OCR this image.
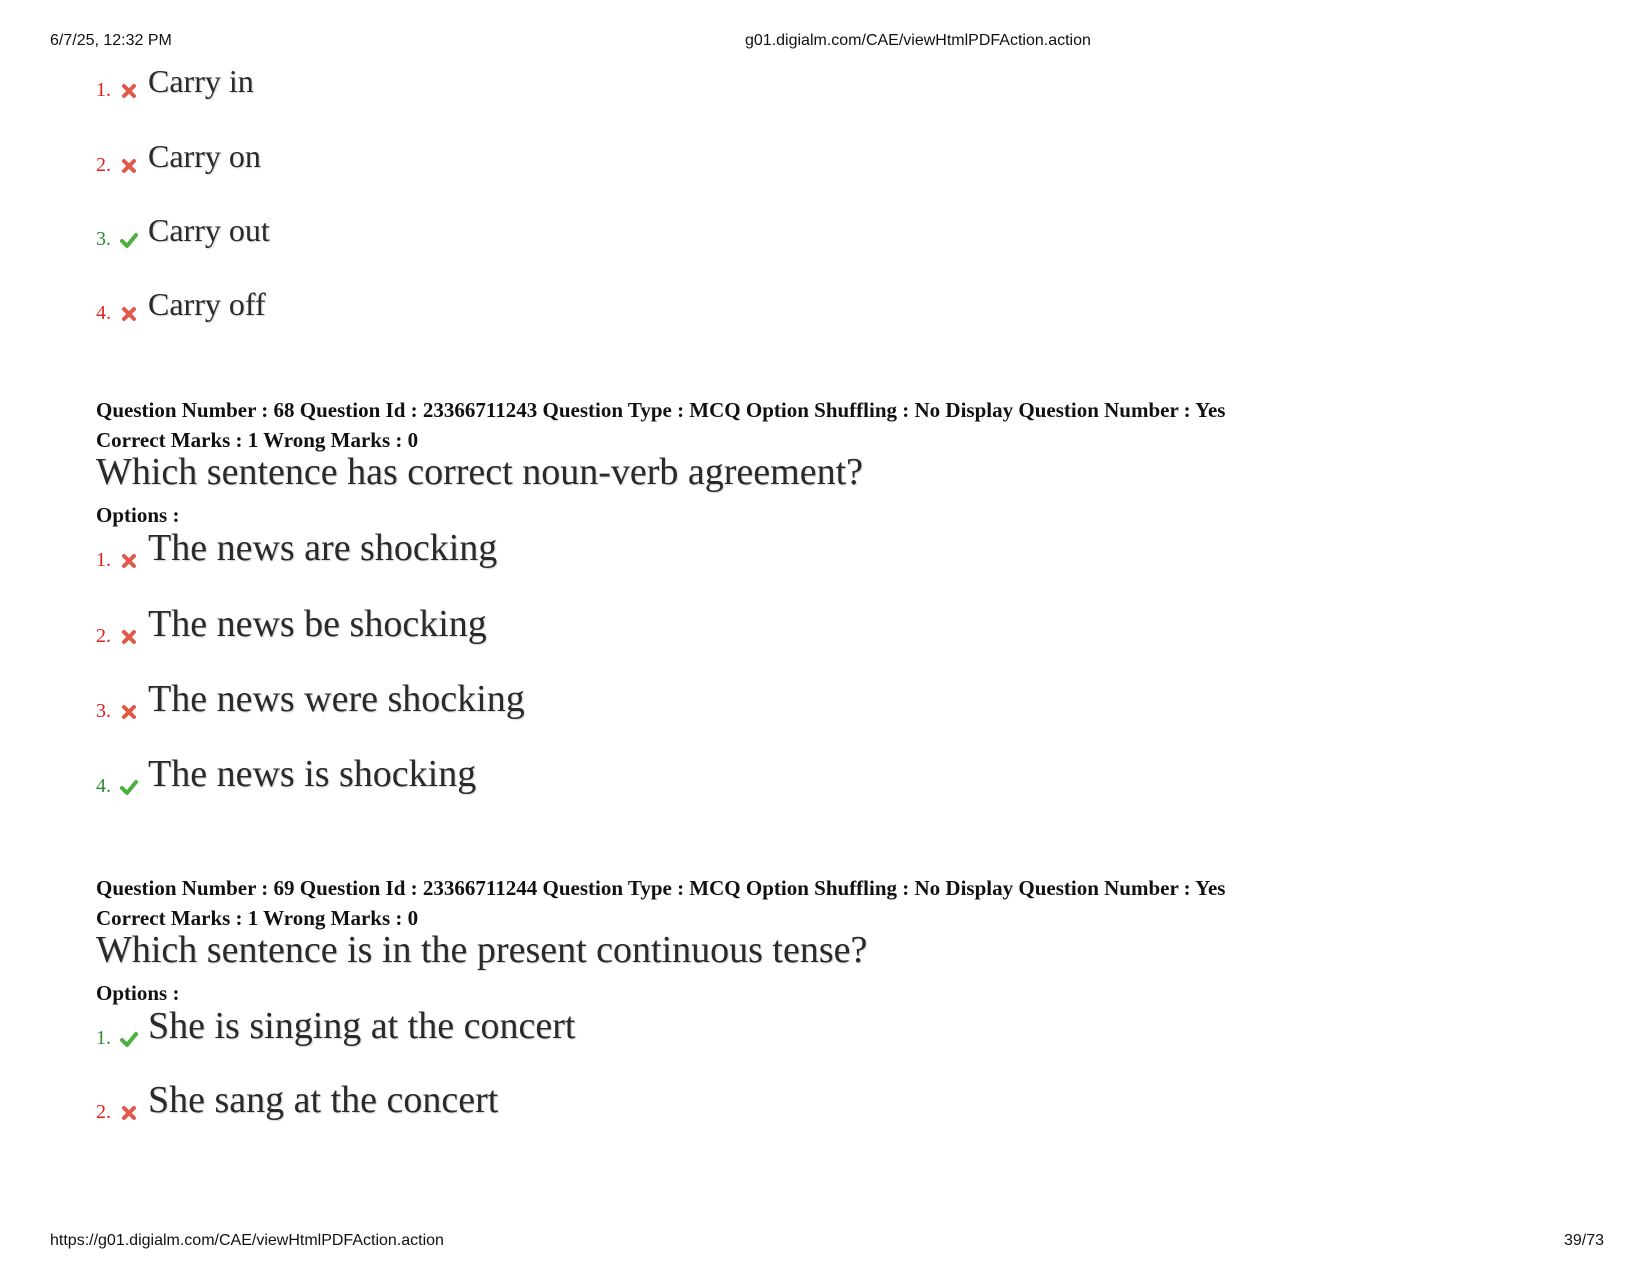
6/7/25, 12:32 PM	g01.digialm.com/CAE/viewHtmlPDFAction.action
1. Carry in
2. Carry on
3. Carry out
4. Carry off
Question Number : 68 Question Id : 23366711243 Question Type : MCQ Option Shuffling : No Display Question Number : Yes
Correct Marks : 1 Wrong Marks : 0
Which sentence has correct noun-verb agreement?
Options :
1. The news are shocking
2. The news be shocking
3. The news were shocking
4. The news is shocking
Question Number : 69 Question Id : 23366711244 Question Type : MCQ Option Shuffling : No Display Question Number : Yes
Correct Marks : 1 Wrong Marks : 0
Which sentence is in the present continuous tense?
Options :
1. She is singing at the concert
2. She sang at the concert
https://g01.digialm.com/CAE/viewHtmlPDFAction.action	39/73
